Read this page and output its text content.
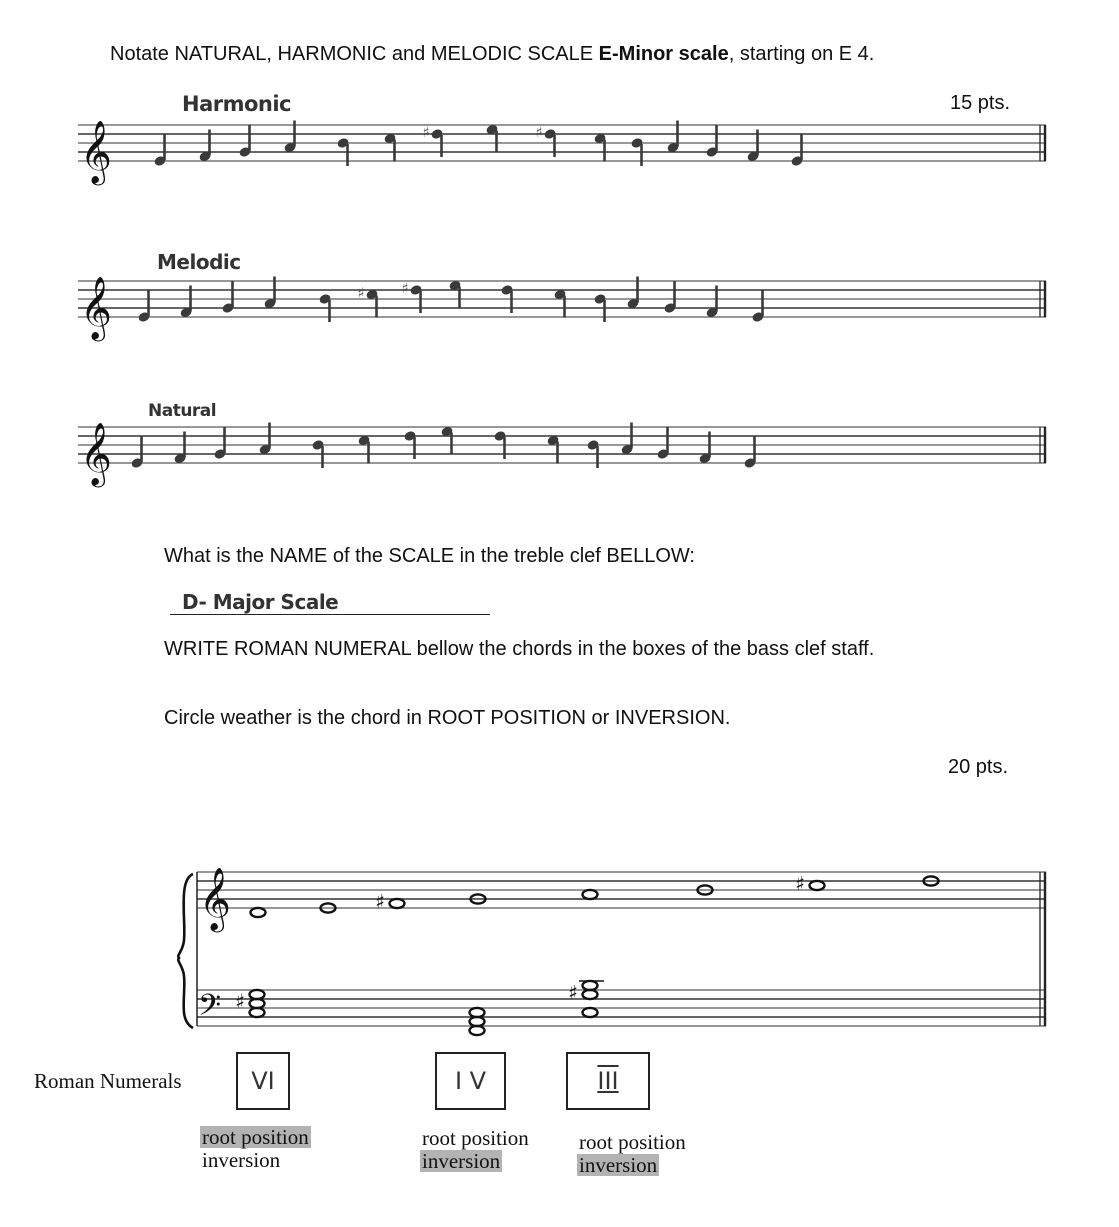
Notate NATURAL, HARMONIC and MELODIC SCALE E-Minor scale, starting on E 4.
15 pts.
Harmonic
Melodic
Natural
𝄞	♯	♯
𝄞	♯	♯
𝄞
𝄞
𝄢
♯
♯
♯	♯
What is the NAME of the SCALE in the treble clef BELLOW:
D- Major Scale
WRITE ROMAN NUMERAL bellow the chords in the boxes of the bass clef staff.
Circle weather is the chord in ROOT POSITION or INVERSION.
20 pts.
Roman Numerals	VI	I V	III
root position
inversion
root position
inversion
root position
inversion
